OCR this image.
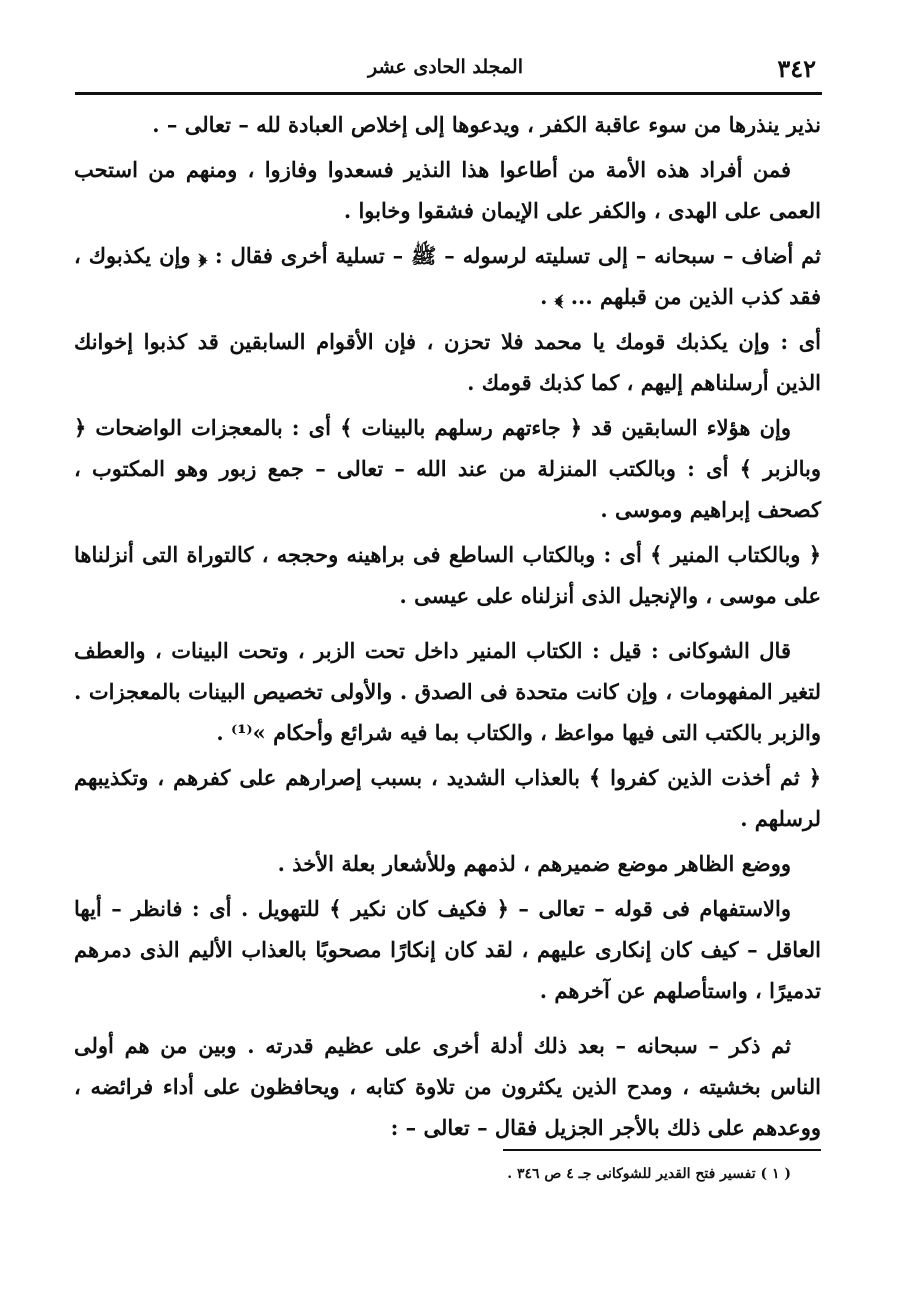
٣٤٢
المجلد الحادى عشر

نذير ينذرها من سوء عاقبة الكفر ، ويدعوها إلى إخلاص العبادة لله – تعالى – .

فمن أفراد هذه الأمة من أطاعوا هذا النذير فسعدوا وفازوا ، ومنهم من استحب العمى على الهدى ، والكفر على الإيمان فشقوا وخابوا .

ثم أضاف – سبحانه – إلى تسليته لرسوله – ﷺ – تسلية أخرى فقال : ﴿ وإن يكذبوك ، فقد كذب الذين من قبلهم ... ﴾ .

أى : وإن يكذبك قومك يا محمد فلا تحزن ، فإن الأقوام السابقين قد كذبوا إخوانك الذين أرسلناهم إليهم ، كما كذبك قومك .

وإن هؤلاء السابقين قد ﴿ جاءتهم رسلهم بالبينات ﴾ أى : بالمعجزات الواضحات ﴿ وبالزبر ﴾ أى : وبالكتب المنزلة من عند الله – تعالى – جمع زبور وهو المكتوب ، كصحف إبراهيم وموسى .

﴿ وبالكتاب المنير ﴾ أى : وبالكتاب الساطع فى براهينه وحججه ، كالتوراة التى أنزلناها على موسى ، والإنجيل الذى أنزلناه على عيسى .

قال الشوكانى : قيل : الكتاب المنير داخل تحت الزبر ، وتحت البينات ، والعطف لتغير المفهومات ، وإن كانت متحدة فى الصدق . والأولى تخصيص البينات بالمعجزات . والزبر بالكتب التى فيها مواعظ ، والكتاب بما فيه شرائع وأحكام »⁽¹⁾ .

﴿ ثم أخذت الذين كفروا ﴾ بالعذاب الشديد ، بسبب إصرارهم على كفرهم ، وتكذيبهم لرسلهم .

ووضع الظاهر موضع ضميرهم ، لذمهم وللأشعار بعلة الأخذ .

والاستفهام فى قوله – تعالى – ﴿ فكيف كان نكير ﴾ للتهويل . أى : فانظر – أيها العاقل – كيف كان إنكارى عليهم ، لقد كان إنكارًا مصحوبًا بالعذاب الأليم الذى دمرهم تدميرًا ، واستأصلهم عن آخرهم .

ثم ذكر – سبحانه – بعد ذلك أدلة أخرى على عظيم قدرته . وبين من هم أولى الناس بخشيته ، ومدح الذين يكثرون من تلاوة كتابه ، ويحافظون على أداء فرائضه ، ووعدهم على ذلك بالأجر الجزيل فقال – تعالى – :

( ١ ) تفسير فتح القدير للشوكانى جـ ٤ ص ٣٤٦ .
